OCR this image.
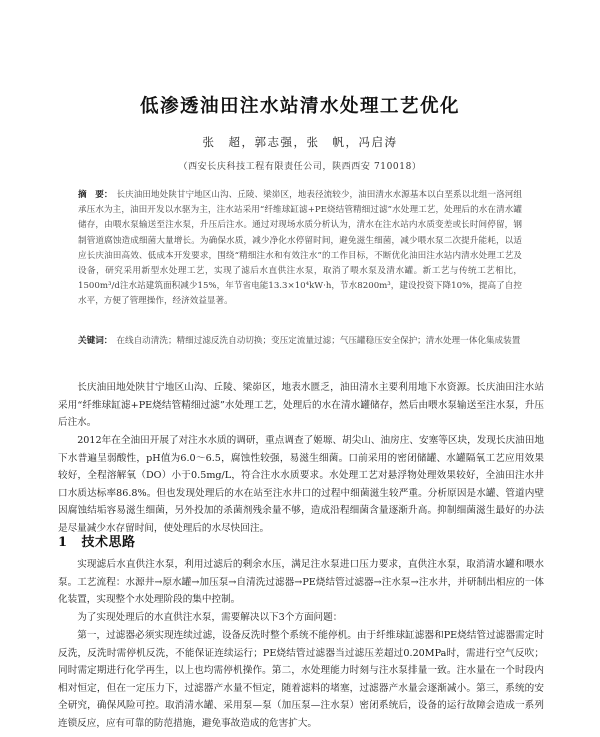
低渗透油田注水站清水处理工艺优化
张　超，郭志强，张　帆，冯启涛
（西安长庆科技工程有限责任公司，陕西西安 710018）
摘　要： 长庆油田地处陕甘宁地区山沟、丘陵、梁峁区，地表径流较少，油田清水水源基本以白垩系以北组一洛河组承压水为主，油田开发以水驱为主，注水站采用“纤维球缸滤+PE烧结管精细过滤”水处理工艺，处理后的水在清水罐储存，由喂水泵输送至注水泵，升压后注水。通过对现场水质分析认为，清水在注水站内水质变差或长时间停留，钢制管道腐蚀造成细菌大量增长。为确保水质，减少净化水停留时间，避免滋生细菌，减少喂水泵二次提升能耗，以适应长庆油田高效、低成本开发要求，围绕“精细注水和有效注水”的工作目标，不断优化油田注水站内清水处理工艺及设备，研究采用新型水处理工艺，实现了滤后水直供注水泵，取消了喂水泵及清水罐。新工艺与传统工艺相比，1500m³/d注水站建筑面积减少15%，年节省电能13.3×10⁴kW·h，节水8200m³，建设投资下降10%，提高了自控水平，方便了管理操作，经济效益显著。
关键词： 在线自动清洗；精细过滤反洗自动切换；变压定流量过滤；气压罐稳压安全保护；清水处理一体化集成装置

长庆油田地处陕甘宁地区山沟、丘陵、梁峁区，地表水匮乏，油田清水主要利用地下水资源。长庆油田注水站采用“纤维球缸滤+PE烧结管精细过滤”水处理工艺，处理后的水在清水罐储存，然后由喂水泵输送至注水泵，升压后注水。

2012年在全油田开展了对注水水质的调研，重点调查了姬塬、胡尖山、油房庄、安塞等区块，发现长庆油田地下水普遍呈弱酸性，pH值为6.0～6.5，腐蚀性较强，易滋生细菌。口前采用的密闭储罐、水罐隔氧工艺应用效果较好，全程溶解氧（DO）小于0.5mg/L，符合注水水质要求。水处理工艺对悬浮物处理效果较好，全油田注水井口水质达标率86.8%。但也发现处理后的水在站至注水井口的过程中细菌滋生较严重。分析原因是水罐、管道内壁因腐蚀结垢容易滋生细菌，另外投加的杀菌剂残余量不够，造成沿程细菌含量逐渐升高。抑制细菌滋生最好的办法是尽量减少水存留时间，使处理后的水尽快回注。

1 技术思路

实现滤后水直供注水泵，利用过滤后的剩余水压，满足注水泵进口压力要求，直供注水泵，取消清水罐和喂水泵。工艺流程：水源井→原水罐→加压泵→自清洗过滤器→PE烧结管过滤器→注水泵→注水井，并研制出相应的一体化装置，实现整个水处理阶段的集中控制。

为了实现处理后的水直供注水泵，需要解决以下3个方面问题：

第一，过滤器必须实现连续过滤，设备反洗时整个系统不能停机。由于纤维球缸滤器和PE烧结管过滤器需定时反洗，反洗时需停机反洗，不能保证连续运行；PE烧结管过滤器当过滤压差超过0.20MPa时，需进行空气反吹；同时需定期进行化学再生，以上也均需停机操作。第二，水处理能力时刻与注水泵排量一致。注水量在一个时段内相对恒定，但在一定压力下，过滤器产水量不恒定，随着滤料的堵塞，过滤器产水量会逐渐减小。第三，系统的安全研究，确保风险可控。取消清水罐、采用泵—泵（加压泵—注水泵）密闭系统后，设备的运行故障会造成一系列连锁反应，应有可靠的防范措施，避免事故造成的危害扩大。
